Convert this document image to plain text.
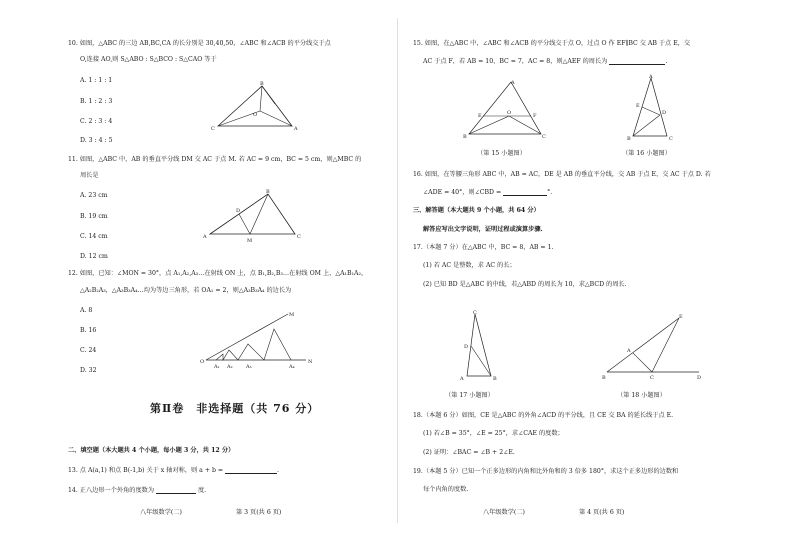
10. 如图，△ABC 的三边 AB,BC,CA 的长分别是 30,40,50，∠ABC 和∠ACB 的平分线交于点
O,连接 AO,则 S△ABO : S△BCO : S△CAO 等于
A. 1 : 1 : 1
B. 1 : 2 : 3
C. 2 : 3 : 4
D. 3 : 4 : 5
B
O
C	A
11. 如图，△ABC 中，AB 的垂直平分线 DM 交 AC 于点 M. 若 AC = 9 cm，BC = 5 cm，则△MBC 的
周长是
A. 23 cm
B. 19 cm
C. 14 cm
D. 12 cm
A
D
B
M
C
12. 如图，已知：∠MON = 30°，点 A₁,A₂,A₃…在射线 ON 上，点 B₁,B₂,B₃…在射线 OM 上，△A₁B₁A₂，
△A₂B₂A₃，△A₃B₃A₄…均为等边三角形，若 OA₁ = 2，则△A₃B₃A₄ 的边长为
A. 8
B. 16
C. 24
D. 32
O
M
N
A₁ A₂	A₃	A₄
第Ⅱ卷　非选择题（共 76 分）
二、填空题（本大题共 4 个小题，每小题 3 分，共 12 分）
13. 点 A(a,1) 和点 B(-1,b) 关于 x 轴对称，则 a + b =	.
14. 正八边形一个外角的度数为	度.
八年级数学(二)	第 3 页(共 6 页)
15. 如图，在△ABC 中，∠ABC 和∠ACB 的平分线交于点 O，过点 O 作 EF∥BC 交 AB 于点 E，交
AC 于点 F，若 AB = 10，BC = 7，AC = 8，则△AEF 的周长为	.
A
E	O	F
B	C
（第 15 小题图）
A
E
D
B	C
（第 16 小题图）
16. 如图，在等腰三角形 ABC 中，AB = AC，DE 是 AB 的垂直平分线，交 AB 于点 E，交 AC 于点 D. 若
∠ADE = 40°，则∠CBD =	°.
三、解答题（本大题共 9 个小题，共 64 分）
解答应写出文字说明，证明过程或演算步骤.
17.（本题 7 分）在△ABC 中，BC = 8，AB = 1.
(1) 若 AC 是整数，求 AC 的长；
(2) 已知 BD 是△ABC 的中线，若△ABD 的周长为 10，求△BCD 的周长.
C
D
A	B
（第 17 小题图）
E
A
B	C	D
（第 18 小题图）
18.（本题 6 分）如图，CE 是△ABC 的外角∠ACD 的平分线，且 CE 交 BA 的延长线于点 E.
(1) 若∠B = 35°，∠E = 25°，求∠CAE 的度数；
(2) 证明：∠BAC = ∠B + 2∠E.
19.（本题 5 分）已知一个正多边形的内角和比外角和的 3 倍多 180°，求这个正多边形的边数和
每个内角的度数.
八年级数学(二)	第 4 页(共 6 页)
